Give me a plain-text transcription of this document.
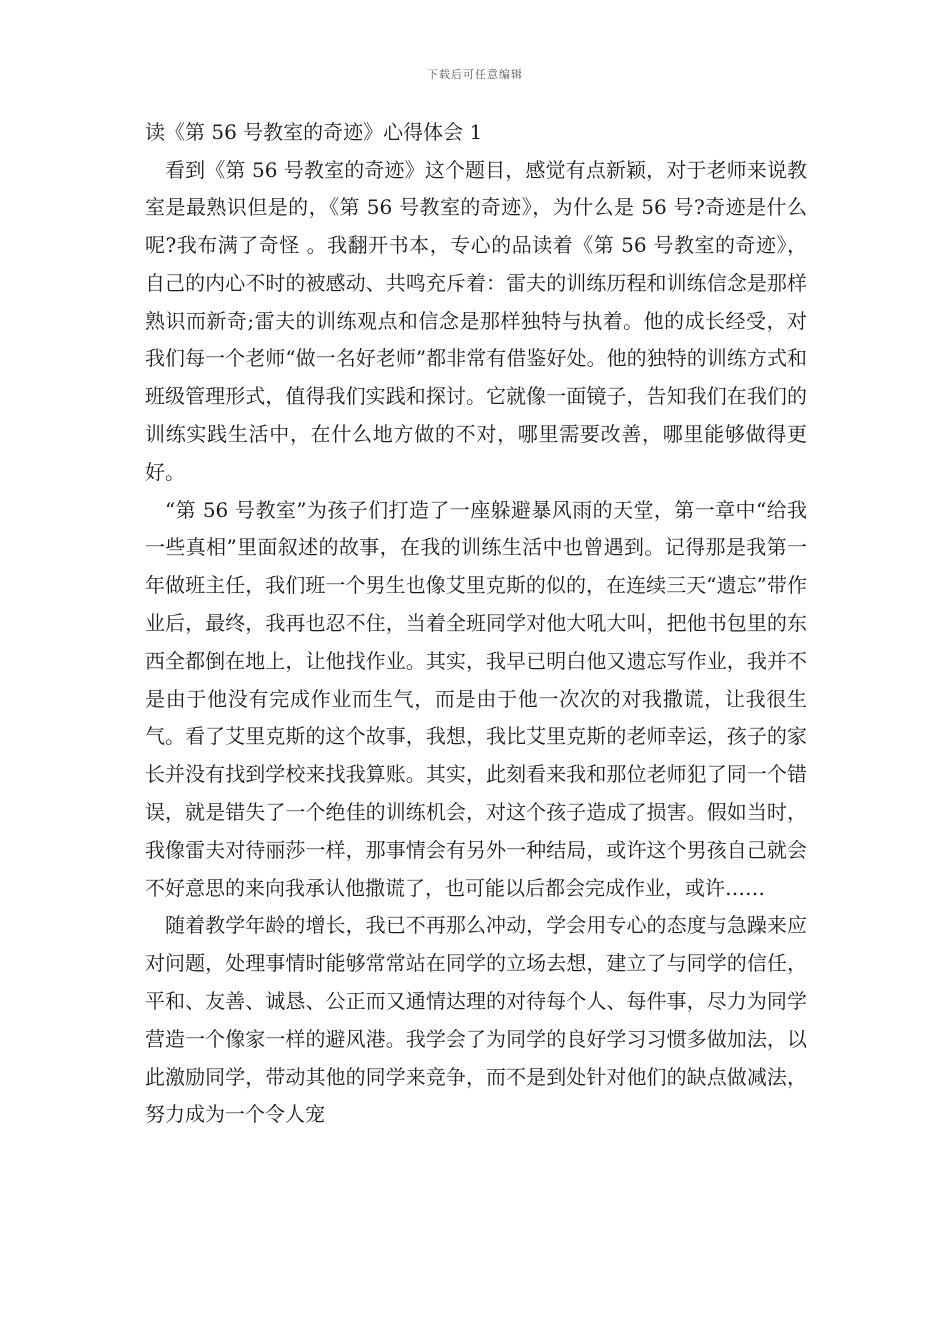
下载后可任意编辑
读《第 56 号教室的奇迹》心得体会 1

看到《第 56 号教室的奇迹》这个题目，感觉有点新颖，对于老师来说教室是最熟识但是的，《第 56 号教室的奇迹》，为什么是 56 号?奇迹是什么呢?我布满了奇怪 。我翻开书本，专心的品读着《第 56 号教室的奇迹》，自己的内心不时的被感动、共鸣充斥着：雷夫的训练历程和训练信念是那样熟识而新奇;雷夫的训练观点和信念是那样独特与执着。他的成长经受，对我们每一个老师“做一名好老师”都非常有借鉴好处。他的独特的训练方式和班级管理形式，值得我们实践和探讨。它就像一面镜子，告知我们在我们的训练实践生活中，在什么地方做的不对，哪里需要改善，哪里能够做得更好。

“第 56 号教室”为孩子们打造了一座躲避暴风雨的天堂，第一章中“给我一些真相”里面叙述的故事，在我的训练生活中也曾遇到。记得那是我第一年做班主任，我们班一个男生也像艾里克斯的似的，在连续三天“遗忘”带作业后，最终，我再也忍不住，当着全班同学对他大吼大叫，把他书包里的东西全都倒在地上，让他找作业。其实，我早已明白他又遗忘写作业，我并不是由于他没有完成作业而生气，而是由于他一次次的对我撒谎，让我很生气。看了艾里克斯的这个故事，我想，我比艾里克斯的老师幸运，孩子的家长并没有找到学校来找我算账。其实，此刻看来我和那位老师犯了同一个错误，就是错失了一个绝佳的训练机会，对这个孩子造成了损害。假如当时，我像雷夫对待丽莎一样，那事情会有另外一种结局，或许这个男孩自己就会不好意思的来向我承认他撒谎了，也可能以后都会完成作业，或许……

随着教学年龄的增长，我已不再那么冲动，学会用专心的态度与急躁来应对问题，处理事情时能够常常站在同学的立场去想，建立了与同学的信任，平和、友善、诚恳、公正而又通情达理的对待每个人、每件事，尽力为同学营造一个像家一样的避风港。我学会了为同学的良好学习习惯多做加法，以此激励同学，带动其他的同学来竞争，而不是到处针对他们的缺点做减法，努力成为一个令人宠
